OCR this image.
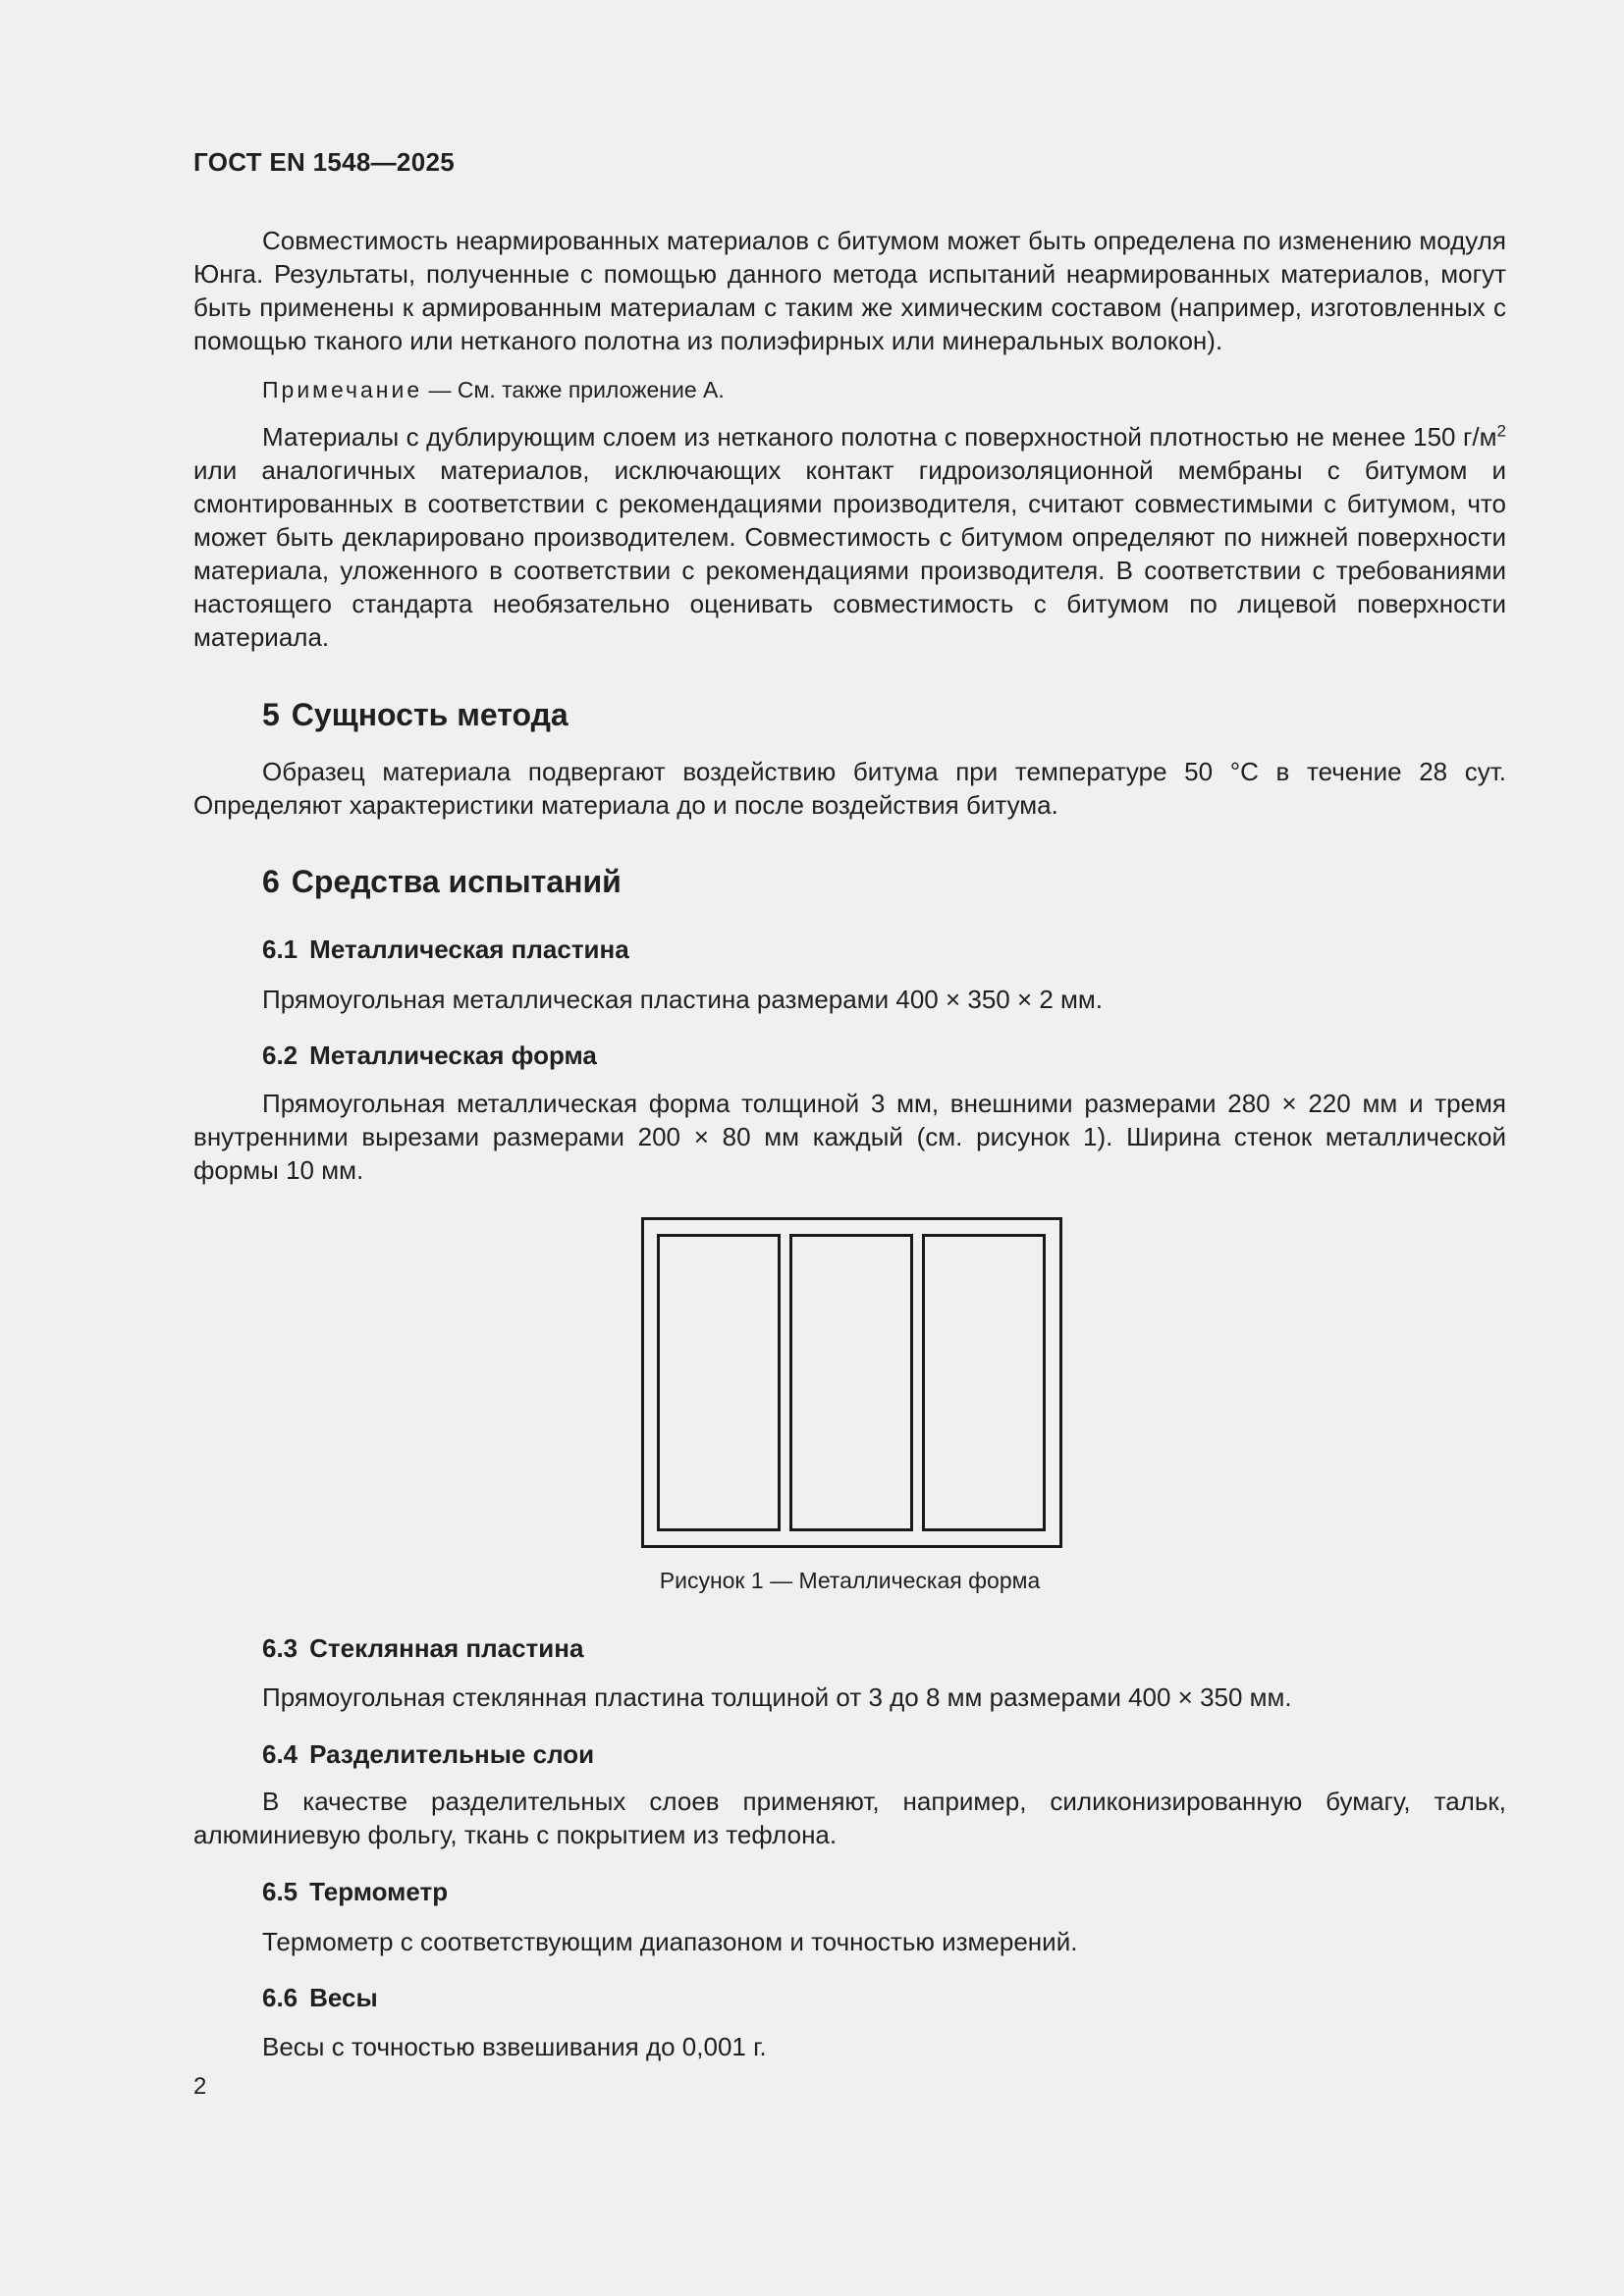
ГОСТ EN 1548—2025

Совместимость неармированных материалов с битумом может быть определена по изменению модуля Юнга. Результаты, полученные с помощью данного метода испытаний неармированных материалов, могут быть применены к армированным материалам с таким же химическим составом (например, изготовленных с помощью тканого или нетканого полотна из полиэфирных или минеральных волокон).

Примечание — См. также приложение А.

Материалы с дублирующим слоем из нетканого полотна с поверхностной плотностью не менее 150 $г/м^2$ или аналогичных материалов, исключающих контакт гидроизоляционной мембраны с битумом и смонтированных в соответствии с рекомендациями производителя, считают совместимыми с битумом, что может быть декларировано производителем. Совместимость с битумом определяют по нижней поверхности материала, уложенного в соответствии с рекомендациями производителя. В соответствии с требованиями настоящего стандарта необязательно оценивать совместимость с битумом по лицевой поверхности материала.

5 Сущность метода

Образец материала подвергают воздействию битума при температуре 50 °С в течение 28 сут. Определяют характеристики материала до и после воздействия битума.

6 Средства испытаний
6.1 Металлическая пластина
Прямоугольная металлическая пластина размерами 400 × 350 × 2 мм.
6.2 Металлическая форма

Прямоугольная металлическая форма толщиной 3 мм, внешними размерами 280 × 220 мм и тремя внутренними вырезами размерами 200 × 80 мм каждый (см. рисунок 1). Ширина стенок металлической формы 10 мм.

Рисунок 1 — Металлическая форма
6.3 Стеклянная пластина
Прямоугольная стеклянная пластина толщиной от 3 до 8 мм размерами 400 × 350 мм.
6.4 Разделительные слои

В качестве разделительных слоев применяют, например, силиконизированную бумагу, тальк, алюминиевую фольгу, ткань с покрытием из тефлона.

6.5 Термометр
Термометр с соответствующим диапазоном и точностью измерений.
6.6 Весы
Весы с точностью взвешивания до 0,001 г.
2
